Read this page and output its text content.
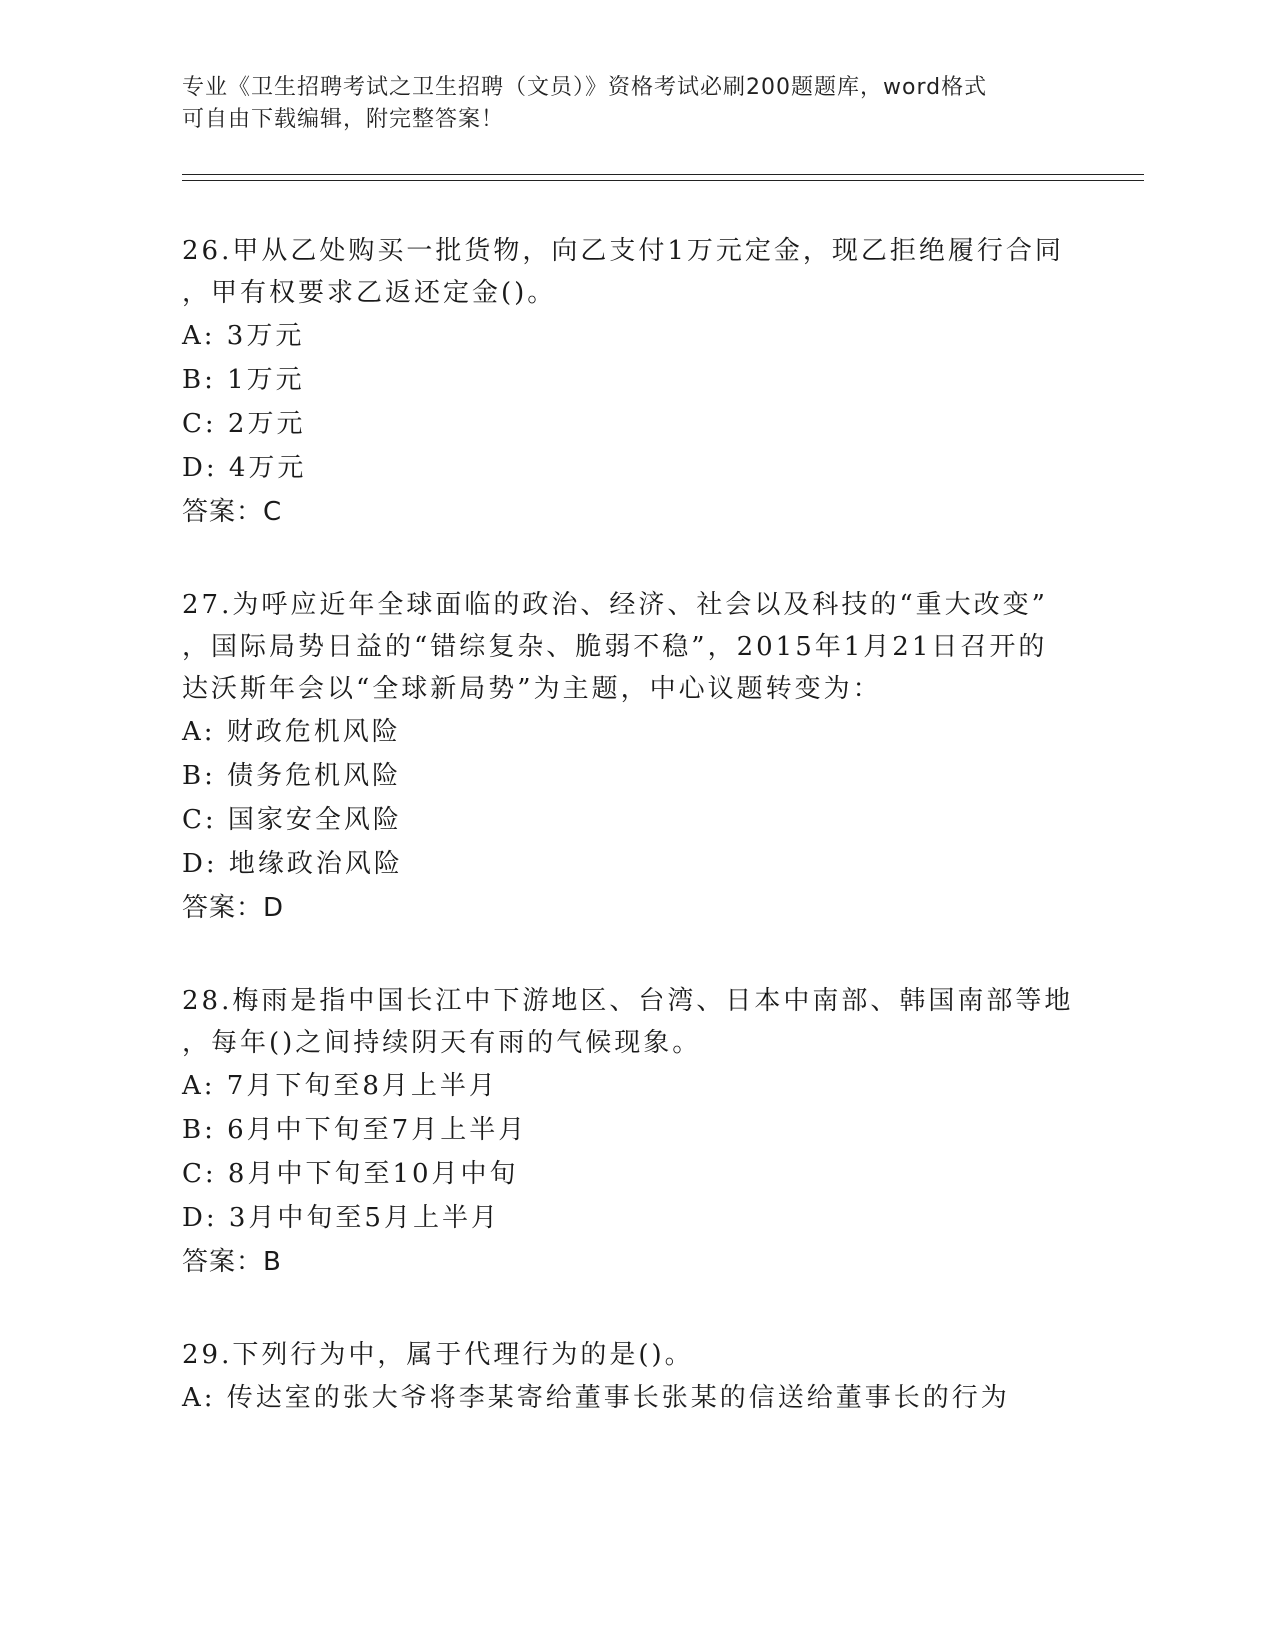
专业《卫生招聘考试之卫生招聘（文员）》资格考试必刷200题题库，word格式
可自由下载编辑，附完整答案！

26.甲从乙处购买一批货物，向乙支付1万元定金，现乙拒绝履行合同

，甲有权要求乙返还定金()。

A: 3万元

B: 1万元

C: 2万元

D: 4万元

答案：C

27.为呼应近年全球面临的政治、经济、社会以及科技的“重大改变”

，国际局势日益的“错综复杂、脆弱不稳”，2015年1月21日召开的

达沃斯年会以“全球新局势”为主题，中心议题转变为：

A: 财政危机风险

B: 债务危机风险

C: 国家安全风险

D: 地缘政治风险

答案：D

28.梅雨是指中国长江中下游地区、台湾、日本中南部、韩国南部等地

，每年()之间持续阴天有雨的气候现象。

A: 7月下旬至8月上半月

B: 6月中下旬至7月上半月

C: 8月中下旬至10月中旬

D: 3月中旬至5月上半月

答案：B

29.下列行为中，属于代理行为的是()。

A: 传达室的张大爷将李某寄给董事长张某的信送给董事长的行为
